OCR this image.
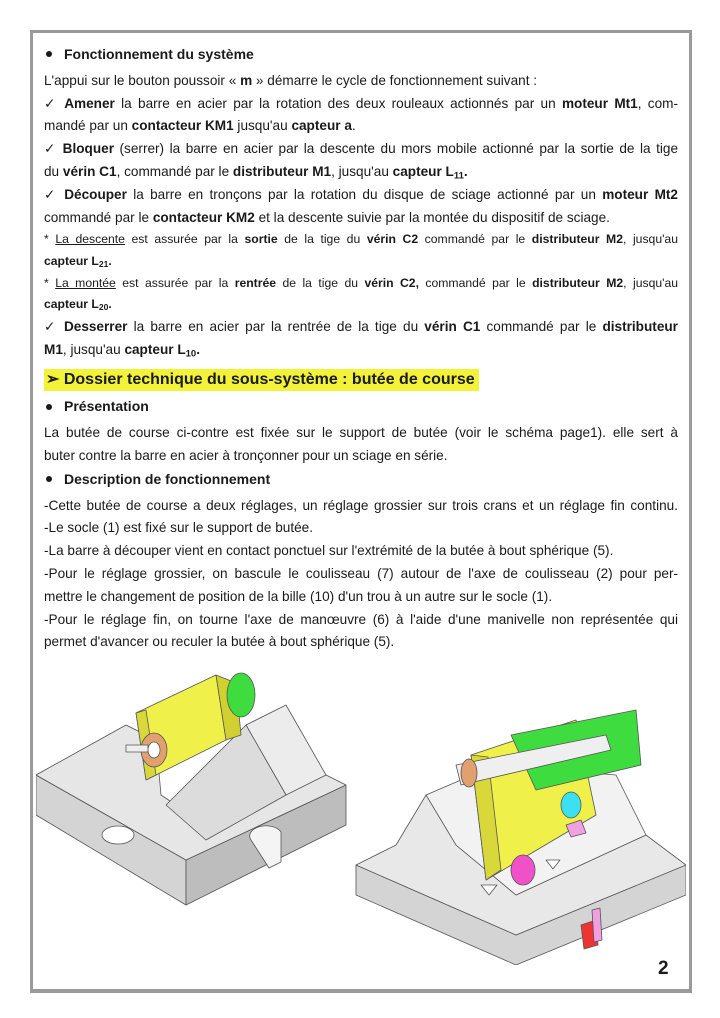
Fonctionnement du système
L'appui sur le bouton poussoir « m » démarre le cycle de fonctionnement suivant :
✓ Amener la barre en acier par la rotation des deux rouleaux actionnés par un moteur Mt1, com-
mandé par un contacteur KM1 jusqu'au capteur a.
✓ Bloquer (serrer) la barre en acier par la descente du mors mobile actionné par la sortie de la tige
du vérin C1, commandé par le distributeur M1, jusqu'au capteur L11.
✓ Découper la barre en tronçons par la rotation du disque de sciage actionné par un moteur Mt2
commandé par le contacteur KM2 et la descente suivie par la montée du dispositif de sciage.
* La descente est assurée par la sortie de la tige du vérin C2 commandé par le distributeur M2, jusqu'au
capteur L21.
* La montée est assurée par la rentrée de la tige du vérin C2, commandé par le distributeur M2, jusqu'au
capteur L20.
✓ Desserrer la barre en acier par la rentrée de la tige du vérin C1 commandé par le distributeur
M1, jusqu'au capteur L10.
➢ Dossier technique du sous-système : butée de course
Présentation
La butée de course ci-contre est fixée sur le support de butée (voir le schéma page1). elle sert à
buter contre la barre en acier à tronçonner pour un sciage en série.
Description de fonctionnement
-Cette butée de course a deux réglages, un réglage grossier sur trois crans et un réglage fin continu.
-Le socle (1) est fixé sur le support de butée.
-La barre à découper vient en contact ponctuel sur l'extrémité de la butée à bout sphérique (5).
-Pour le réglage grossier, on bascule le coulisseau (7) autour de l'axe de coulisseau (2) pour per-
mettre le changement de position de la bille (10) d'un trou à un autre sur le socle (1).
-Pour le réglage fin, on tourne l'axe de manœuvre (6) à l'aide d'une manivelle non représentée qui
permet d'avancer ou reculer la butée à bout sphérique (5).
2
